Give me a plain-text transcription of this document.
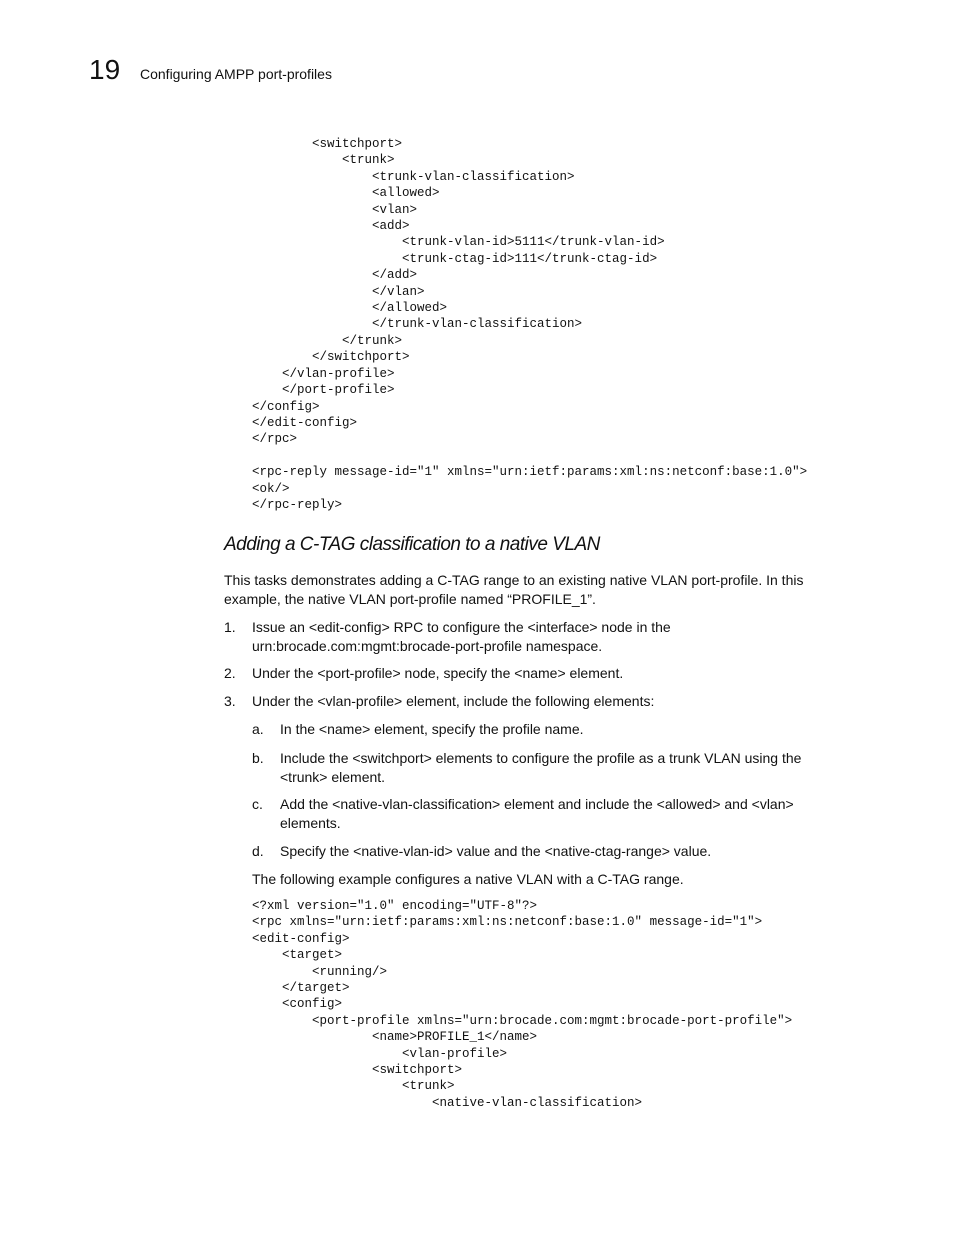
19 Configuring AMPP port-profiles
<switchport>
<trunk>
<trunk-vlan-classification>
<allowed>
<vlan>
<add>
<trunk-vlan-id>5111</trunk-vlan-id>
<trunk-ctag-id>111</trunk-ctag-id>
</add>
</vlan>
</allowed>
</trunk-vlan-classification>
</trunk>
</switchport>
</vlan-profile>
</port-profile>
</config>
</edit-config>
</rpc>

<rpc-reply message-id="1" xmlns="urn:ietf:params:xml:ns:netconf:base:1.0">
<ok/>
</rpc-reply>
Adding a C-TAG classification to a native VLAN
This tasks demonstrates adding a C-TAG range to an existing native VLAN port-profile. In this example, the native VLAN port-profile named “PROFILE_1”.
1. Issue an <edit-config> RPC to configure the <interface> node in the urn:brocade.com:mgmt:brocade-port-profile namespace.
2. Under the <port-profile> node, specify the <name> element.
3. Under the <vlan-profile> element, include the following elements:
a. In the <name> element, specify the profile name.
b. Include the <switchport> elements to configure the profile as a trunk VLAN using the <trunk> element.
c. Add the <native-vlan-classification> element and include the <allowed> and <vlan> elements.
d. Specify the <native-vlan-id> value and the <native-ctag-range> value.
The following example configures a native VLAN with a C-TAG range.
<?xml version="1.0" encoding="UTF-8"?>
<rpc xmlns="urn:ietf:params:xml:ns:netconf:base:1.0" message-id="1">
<edit-config>
<target>
<running/>
</target>
<config>
<port-profile xmlns="urn:brocade.com:mgmt:brocade-port-profile">
<name>PROFILE_1</name>
<vlan-profile>
<switchport>
<trunk>
<native-vlan-classification>
